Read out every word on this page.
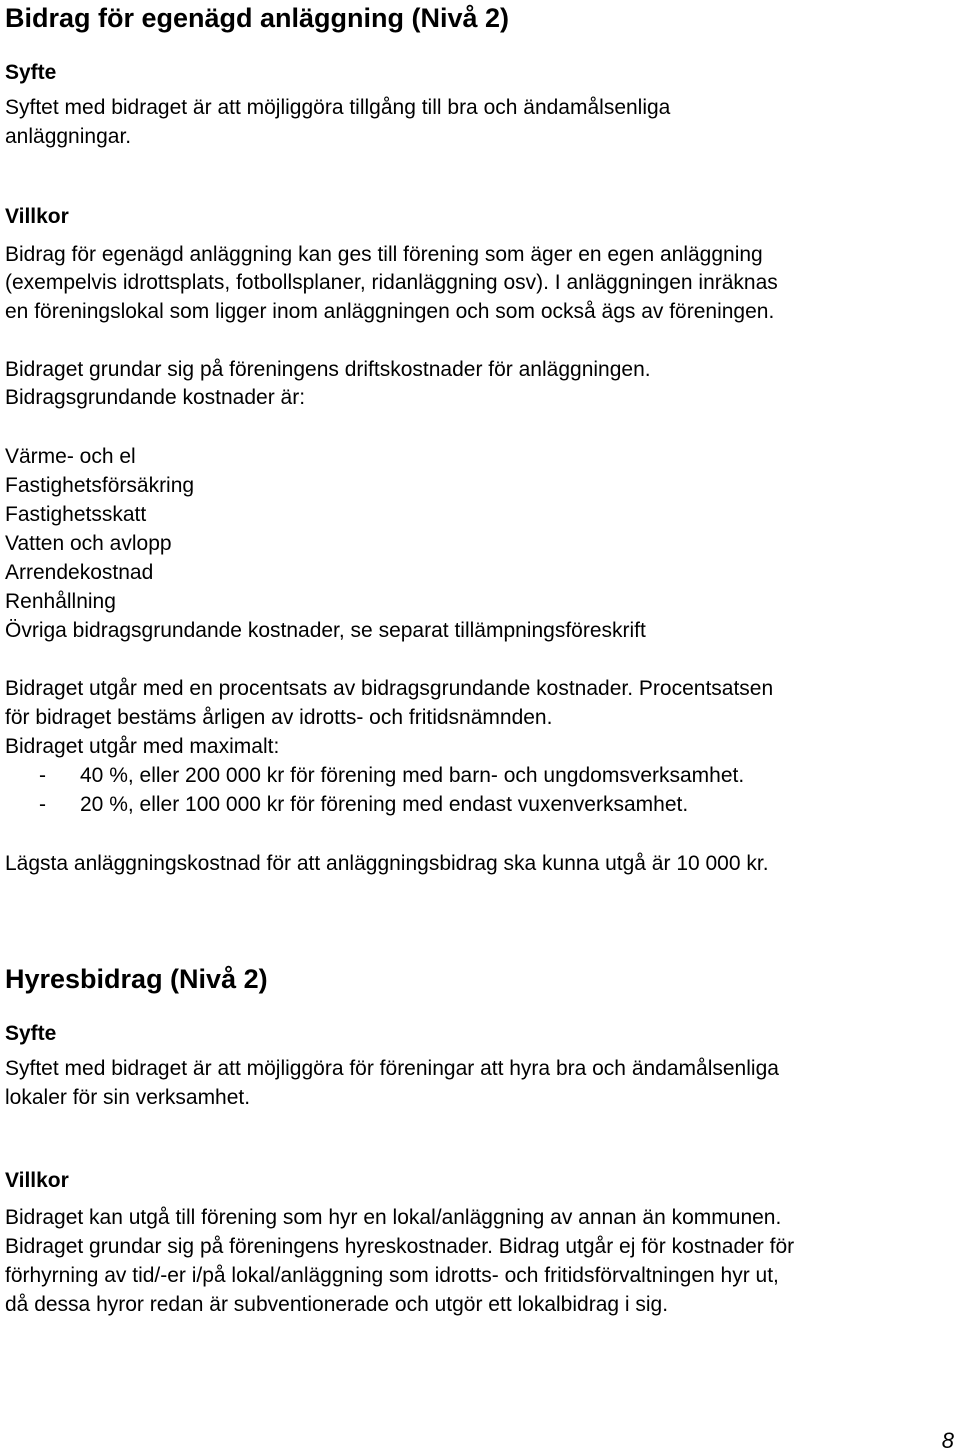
Bidrag för egenägd anläggning (Nivå 2)
Syfte
Syftet med bidraget är att möjliggöra tillgång till bra och ändamålsenliga
anläggningar.
Villkor
Bidrag för egenägd anläggning kan ges till förening som äger en egen anläggning
(exempelvis idrottsplats, fotbollsplaner, ridanläggning osv). I anläggningen inräknas
en föreningslokal som ligger inom anläggningen och som också ägs av föreningen.
Bidraget grundar sig på föreningens driftskostnader för anläggningen.
Bidragsgrundande kostnader är:
Värme- och el
Fastighetsförsäkring
Fastighetsskatt
Vatten och avlopp
Arrendekostnad
Renhållning
Övriga bidragsgrundande kostnader, se separat tillämpningsföreskrift
Bidraget utgår med en procentsats av bidragsgrundande kostnader. Procentsatsen
för bidraget bestäms årligen av idrotts- och fritidsnämnden.
Bidraget utgår med maximalt:
- 40 %, eller 200 000 kr för förening med barn- och ungdomsverksamhet.
- 20 %, eller 100 000 kr för förening med endast vuxenverksamhet.
Lägsta anläggningskostnad för att anläggningsbidrag ska kunna utgå är 10 000 kr.
Hyresbidrag (Nivå 2)
Syfte
Syftet med bidraget är att möjliggöra för föreningar att hyra bra och ändamålsenliga
lokaler för sin verksamhet.
Villkor
Bidraget kan utgå till förening som hyr en lokal/anläggning av annan än kommunen.
Bidraget grundar sig på föreningens hyreskostnader. Bidrag utgår ej för kostnader för
förhyrning av tid/-er i/på lokal/anläggning som idrotts- och fritidsförvaltningen hyr ut,
då dessa hyror redan är subventionerade och utgör ett lokalbidrag i sig.
8
